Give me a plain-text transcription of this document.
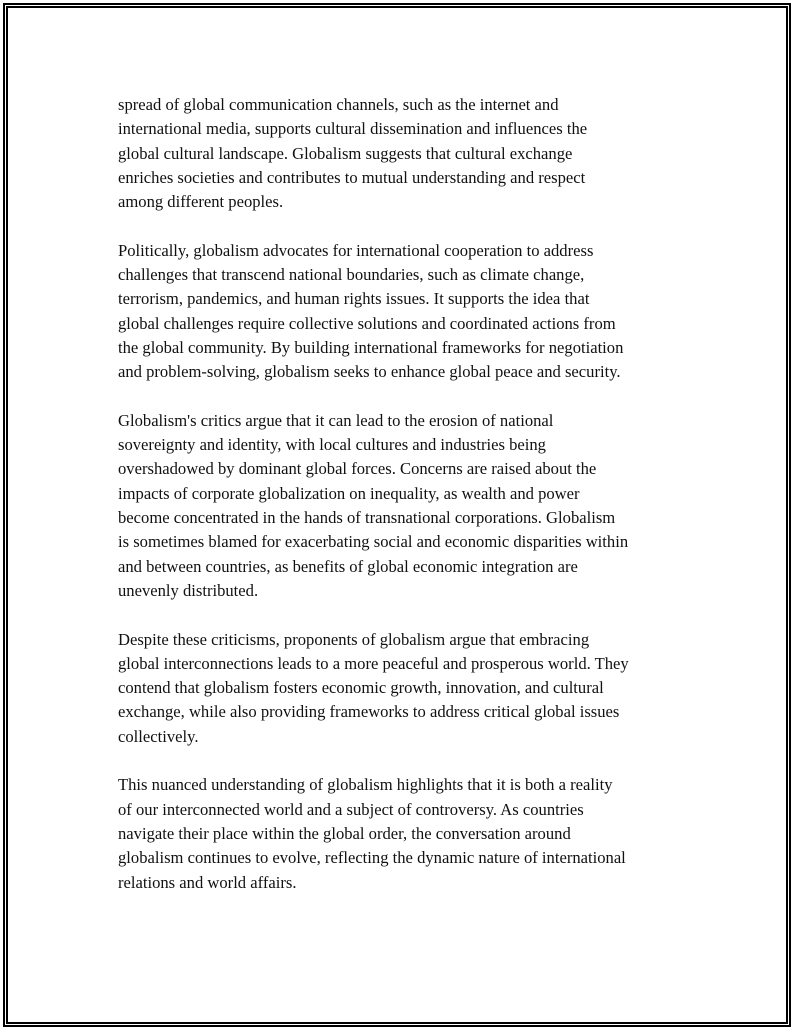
spread of global communication channels, such as the internet and
international media, supports cultural dissemination and influences the
global cultural landscape. Globalism suggests that cultural exchange
enriches societies and contributes to mutual understanding and respect
among different peoples.

Politically, globalism advocates for international cooperation to address
challenges that transcend national boundaries, such as climate change,
terrorism, pandemics, and human rights issues. It supports the idea that
global challenges require collective solutions and coordinated actions from
the global community. By building international frameworks for negotiation
and problem-solving, globalism seeks to enhance global peace and security.

Globalism's critics argue that it can lead to the erosion of national
sovereignty and identity, with local cultures and industries being
overshadowed by dominant global forces. Concerns are raised about the
impacts of corporate globalization on inequality, as wealth and power
become concentrated in the hands of transnational corporations. Globalism
is sometimes blamed for exacerbating social and economic disparities within
and between countries, as benefits of global economic integration are
unevenly distributed.

Despite these criticisms, proponents of globalism argue that embracing
global interconnections leads to a more peaceful and prosperous world. They
contend that globalism fosters economic growth, innovation, and cultural
exchange, while also providing frameworks to address critical global issues
collectively.

This nuanced understanding of globalism highlights that it is both a reality
of our interconnected world and a subject of controversy. As countries
navigate their place within the global order, the conversation around
globalism continues to evolve, reflecting the dynamic nature of international
relations and world affairs.
